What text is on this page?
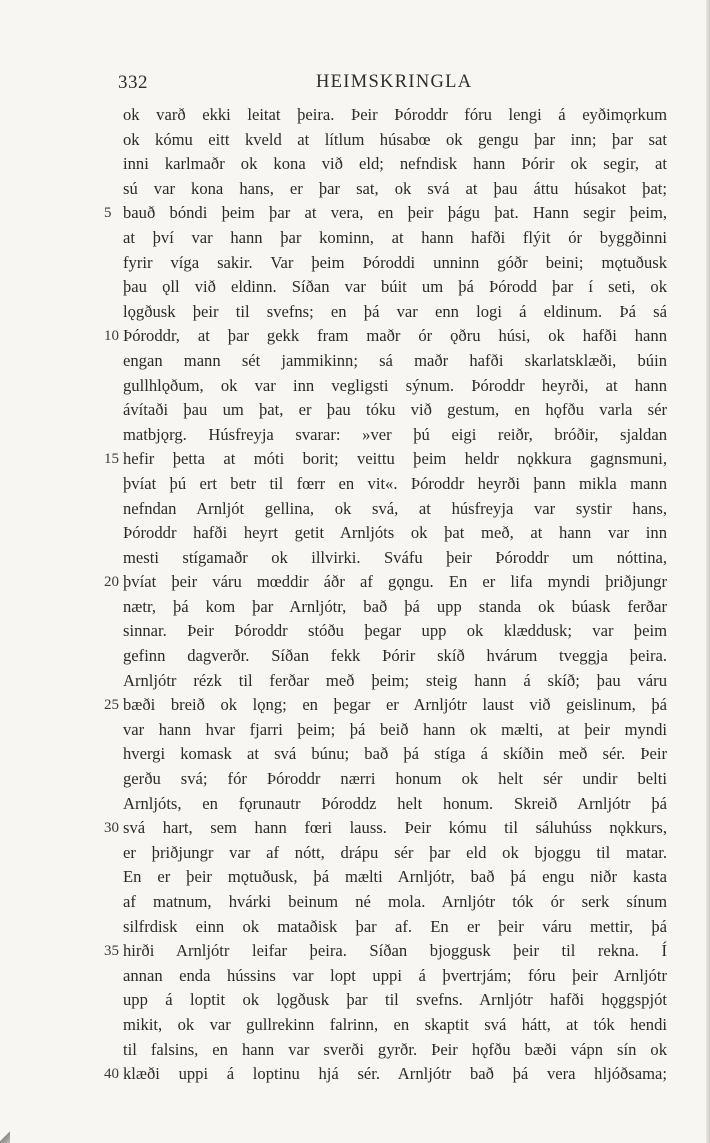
332	HEIMSKRINGLA
ok varð ekki leitat þeira. Þeir Þóroddr fóru lengi á eyðimǫrkum
ok kómu eitt kveld at lítlum húsabœ ok gengu þar inn; þar sat
inni karlmaðr ok kona við eld; nefndisk hann Þórir ok segir, at
sú var kona hans, er þar sat, ok svá at þau áttu húsakot þat;
5 bauð bóndi þeim þar at vera, en þeir þágu þat. Hann segir þeim,
at því var hann þar kominn, at hann hafði flýit ór byggðinni
fyrir víga sakir. Var þeim Þóroddi unninn góðr beini; mǫtuðusk
þau ǫll við eldinn. Síðan var búit um þá Þórodd þar í seti, ok
lǫgðusk þeir til svefns; en þá var enn logi á eldinum. Þá sá
10 Þóroddr, at þar gekk fram maðr ór ǫðru húsi, ok hafði hann
engan mann sét jammikinn; sá maðr hafði skarlatsklæði, búin
gullhlǫðum, ok var inn vegligsti sýnum. Þóroddr heyrði, at hann
ávítaði þau um þat, er þau tóku við gestum, en hǫfðu varla sér
matbjǫrg. Húsfreyja svarar: »ver þú eigi reiðr, bróðir, sjaldan
15 hefir þetta at móti borit; veittu þeim heldr nǫkkura gagnsmuni,
þvíat þú ert betr til fœrr en vit«. Þóroddr heyrði þann mikla mann
nefndan Arnljót gellina, ok svá, at húsfreyja var systir hans,
Þóroddr hafði heyrt getit Arnljóts ok þat með, at hann var inn
mesti stígamaðr ok illvirki. Sváfu þeir Þóroddr um nóttina,
20 þvíat þeir váru mœddir áðr af gǫngu. En er lifa myndi þriðjungr
nætr, þá kom þar Arnljótr, bað þá upp standa ok búask ferðar
sinnar. Þeir Þóroddr stóðu þegar upp ok klæddusk; var þeim
gefinn dagverðr. Síðan fekk Þórir skíð hvárum tveggja þeira.
Arnljótr rézk til ferðar með þeim; steig hann á skíð; þau váru
25 bæði breið ok lǫng; en þegar er Arnljótr laust við geislinum, þá
var hann hvar fjarri þeim; þá beið hann ok mælti, at þeir myndi
hvergi komask at svá búnu; bað þá stíga á skíðin með sér. Þeir
gerðu svá; fór Þóroddr nærri honum ok helt sér undir belti
Arnljóts, en fǫrunautr Þóroddz helt honum. Skreið Arnljótr þá
30 svá hart, sem hann fœri lauss. Þeir kómu til sáluhúss nǫkkurs,
er þriðjungr var af nótt, drápu sér þar eld ok bjoggu til matar.
En er þeir mǫtuðusk, þá mælti Arnljótr, bað þá engu niðr kasta
af matnum, hvárki beinum né mola. Arnljótr tók ór serk sínum
silfrdisk einn ok mataðisk þar af. En er þeir váru mettir, þá
35 hirði Arnljótr leifar þeira. Síðan bjoggusk þeir til rekna. Í
annan enda hússins var lopt uppi á þvertrjám; fóru þeir Arnljótr
upp á loptit ok lǫgðusk þar til svefns. Arnljótr hafði hǫggspjót
mikit, ok var gullrekinn falrinn, en skaptit svá hátt, at tók hendi
til falsins, en hann var sverði gyrðr. Þeir hǫfðu bæði vápn sín ok
40 klæði uppi á loptinu hjá sér. Arnljótr bað þá vera hljóðsama;
